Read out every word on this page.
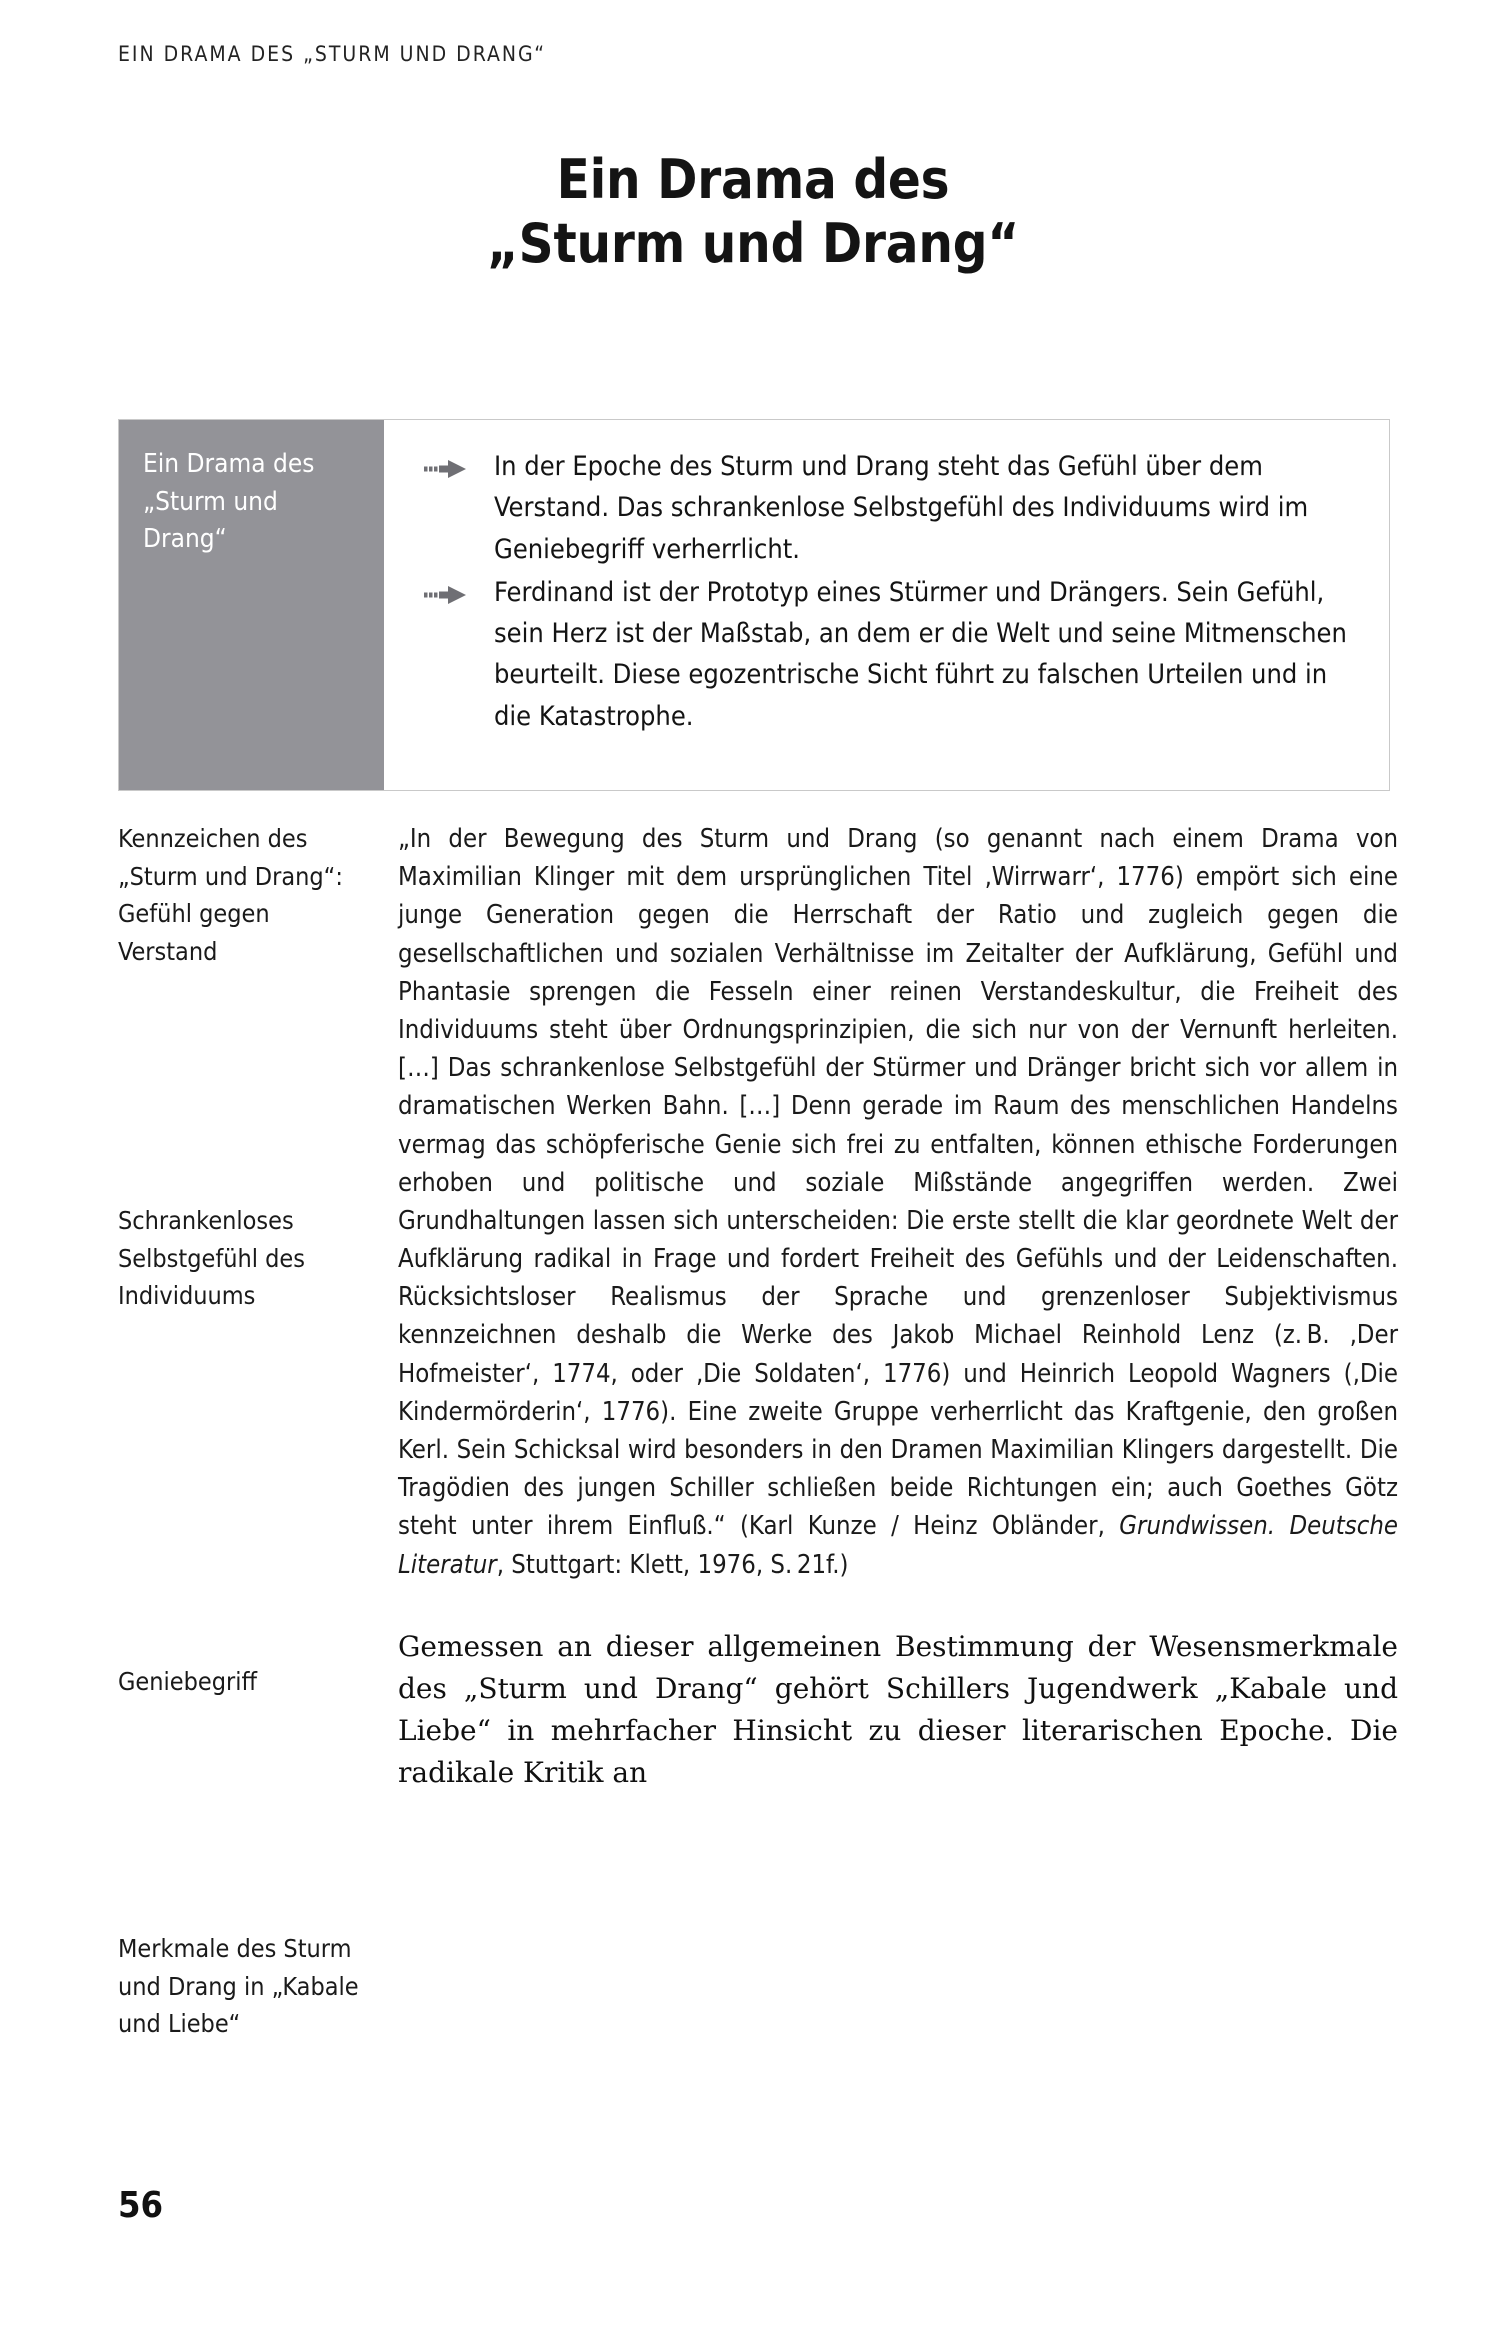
EIN DRAMA DES „STURM UND DRANG“
Ein Drama des
„Sturm und Drang“
Ein Drama des „Sturm und Drang“
In der Epoche des Sturm und Drang steht das Gefühl über dem Verstand. Das schrankenlose Selbstgefühl des Individuums wird im Geniebegriff verherrlicht.
Ferdinand ist der Prototyp eines Stürmer und Drängers. Sein Gefühl, sein Herz ist der Maßstab, an dem er die Welt und seine Mitmenschen beurteilt. Diese egozentrische Sicht führt zu falschen Urteilen und in die Katastrophe.
Kennzeichen des „Sturm und Drang“: Gefühl gegen Verstand
Schrankenloses Selbstgefühl des Individuums
Geniebegriff
Merkmale des Sturm und Drang in „Kabale und Liebe“

„In der Bewegung des Sturm und Drang (so genannt nach einem Drama von Maximilian Klinger mit dem ursprünglichen Titel ‚Wirrwarr‘, 1776) empört sich eine junge Generation gegen die Herrschaft der Ratio und zugleich gegen die gesellschaftlichen und sozialen Verhältnisse im Zeitalter der Aufklärung, Gefühl und Phantasie sprengen die Fesseln einer reinen Verstandeskultur, die Freiheit des Individuums steht über Ordnungsprinzipien, die sich nur von der Vernunft herleiten. […] Das schrankenlose Selbstgefühl der Stürmer und Dränger bricht sich vor allem in dramatischen Werken Bahn. […] Denn gerade im Raum des menschlichen Handelns vermag das schöpferische Genie sich frei zu entfalten, können ethische Forderungen erhoben und politische und soziale Mißstände angegriffen werden. Zwei Grundhaltungen lassen sich unterscheiden: Die erste stellt die klar geordnete Welt der Aufklärung radikal in Frage und fordert Freiheit des Gefühls und der Leidenschaften. Rücksichtsloser Realismus der Sprache und grenzenloser Subjektivismus kennzeichnen deshalb die Werke des Jakob Michael Reinhold Lenz (z. B. ‚Der Hofmeister‘, 1774, oder ‚Die Soldaten‘, 1776) und Heinrich Leopold Wagners (‚Die Kindermörderin‘, 1776). Eine zweite Gruppe verherrlicht das Kraftgenie, den großen Kerl. Sein Schicksal wird besonders in den Dramen Maximilian Klingers dargestellt. Die Tragödien des jungen Schiller schließen beide Richtungen ein; auch Goethes Götz steht unter ihrem Einfluß.“ (Karl Kunze / Heinz Obländer, Grundwissen. Deutsche Literatur, Stuttgart: Klett, 1976, S. 21f.)

Gemessen an dieser allgemeinen Bestimmung der Wesensmerkmale des „Sturm und Drang“ gehört Schillers Jugendwerk „Kabale und Liebe“ in mehrfacher Hinsicht zu dieser literarischen Epoche. Die radikale Kritik an

56
